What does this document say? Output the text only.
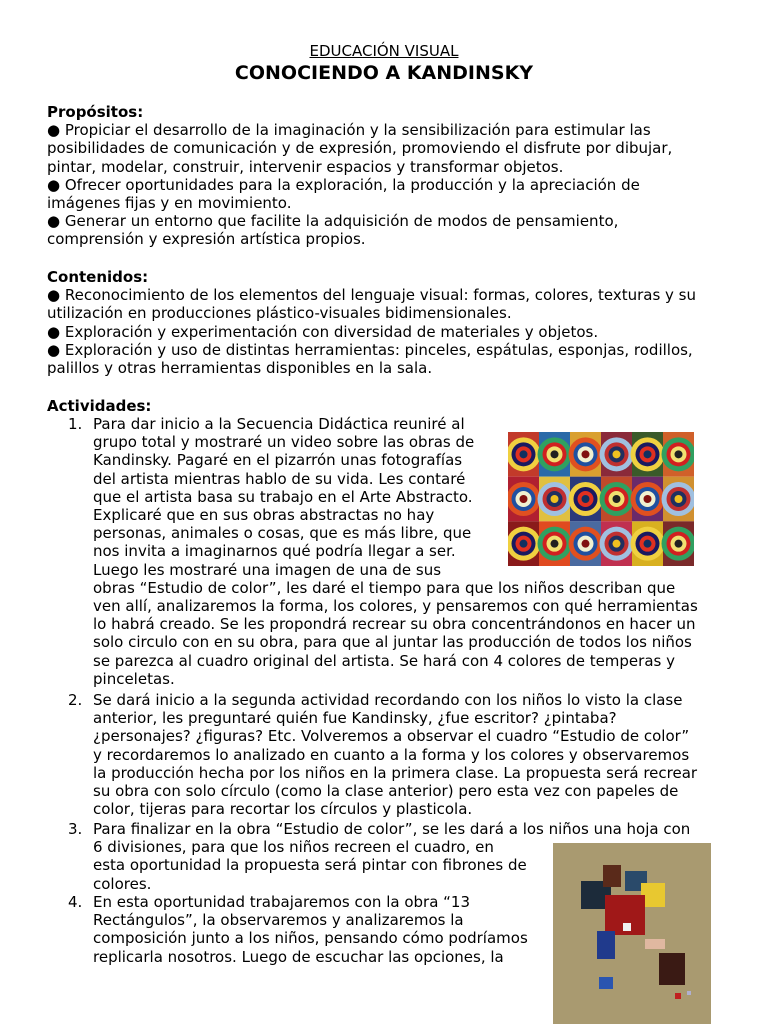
EDUCACIÓN VISUAL
CONOCIENDO A KANDINSKY

Propósitos:

● Propiciar el desarrollo de la imaginación y la sensibilización para estimular las

posibilidades de comunicación y de expresión, promoviendo el disfrute por dibujar,

pintar, modelar, construir, intervenir espacios y transformar objetos.

● Ofrecer oportunidades para la exploración, la producción y la apreciación de

imágenes fijas y en movimiento.

● Generar un entorno que facilite la adquisición de modos de pensamiento,

comprensión y expresión artística propios.

Contenidos:

● Reconocimiento de los elementos del lenguaje visual: formas, colores, texturas y su

utilización en producciones plástico-visuales bidimensionales.

● Exploración y experimentación con diversidad de materiales y objetos.

● Exploración y uso de distintas herramientas: pinceles, espátulas, esponjas, rodillos,

palillos y otras herramientas disponibles en la sala.

Actividades:

1. Para dar inicio a la Secuencia Didáctica reuniré al

grupo total y mostraré un video sobre las obras de

Kandinsky. Pagaré en el pizarrón unas fotografías

del artista mientras hablo de su vida. Les contaré

que el artista basa su trabajo en el Arte Abstracto.

Explicaré que en sus obras abstractas no hay

personas, animales o cosas, que es más libre, que

nos invita a imaginarnos qué podría llegar a ser.

Luego les mostraré una imagen de una de sus

obras “Estudio de color”, les daré el tiempo para que los niños describan que

ven allí, analizaremos la forma, los colores, y pensaremos con qué herramientas

lo habrá creado. Se les propondrá recrear su obra concentrándonos en hacer un

solo circulo con en su obra, para que al juntar las producción de todos los niños

se parezca al cuadro original del artista. Se hará con 4 colores de temperas y

pinceletas.

2. Se dará inicio a la segunda actividad recordando con los niños lo visto la clase

anterior, les preguntaré quién fue Kandinsky, ¿fue escritor? ¿pintaba?

¿personajes? ¿figuras? Etc. Volveremos a observar el cuadro “Estudio de color”

y recordaremos lo analizado en cuanto a la forma y los colores y observaremos

la producción hecha por los niños en la primera clase. La propuesta será recrear

su obra con solo círculo (como la clase anterior) pero esta vez con papeles de

color, tijeras para recortar los círculos y plasticola.

3. Para finalizar en la obra “Estudio de color”, se les dará a los niños una hoja con

6 divisiones, para que los niños recreen el cuadro, en

esta oportunidad la propuesta será pintar con fibrones de

colores.

4. En esta oportunidad trabajaremos con la obra “13

Rectángulos”, la observaremos y analizaremos la

composición junto a los niños, pensando cómo podríamos

replicarla nosotros. Luego de escuchar las opciones, la
